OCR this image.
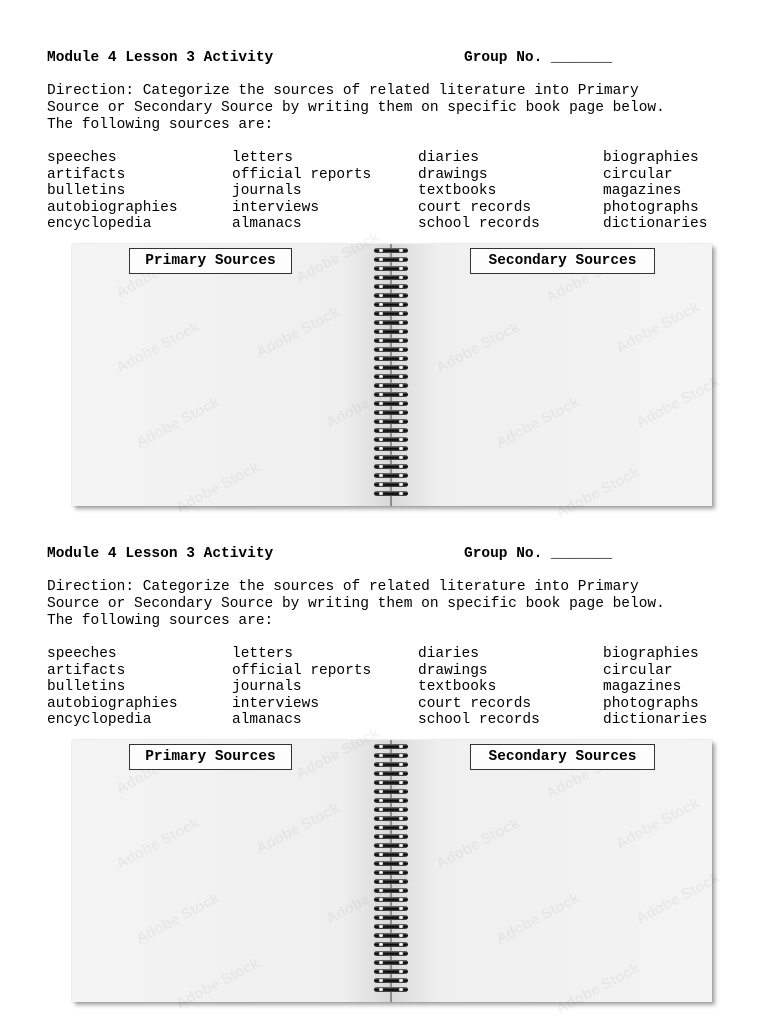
Module 4 Lesson 3 Activity	Group No. _______
Direction: Categorize the sources of related literature into Primary
Source or Secondary Source by writing them on specific book page below.
The following sources are:
speeches	letters	diaries	biographies
artifacts	official reports	drawings	circular
bulletins	journals	textbooks	magazines
autobiographies	interviews	court records	photographs
encyclopedia	almanacs	school records	dictionaries
Primary Sources	Secondary Sources
Module 4 Lesson 3 Activity	Group No. _______
Direction: Categorize the sources of related literature into Primary
Source or Secondary Source by writing them on specific book page below.
The following sources are:
speeches	letters	diaries	biographies
artifacts	official reports	drawings	circular
bulletins	journals	textbooks	magazines
autobiographies	interviews	court records	photographs
encyclopedia	almanacs	school records	dictionaries
Primary Sources	Secondary Sources
